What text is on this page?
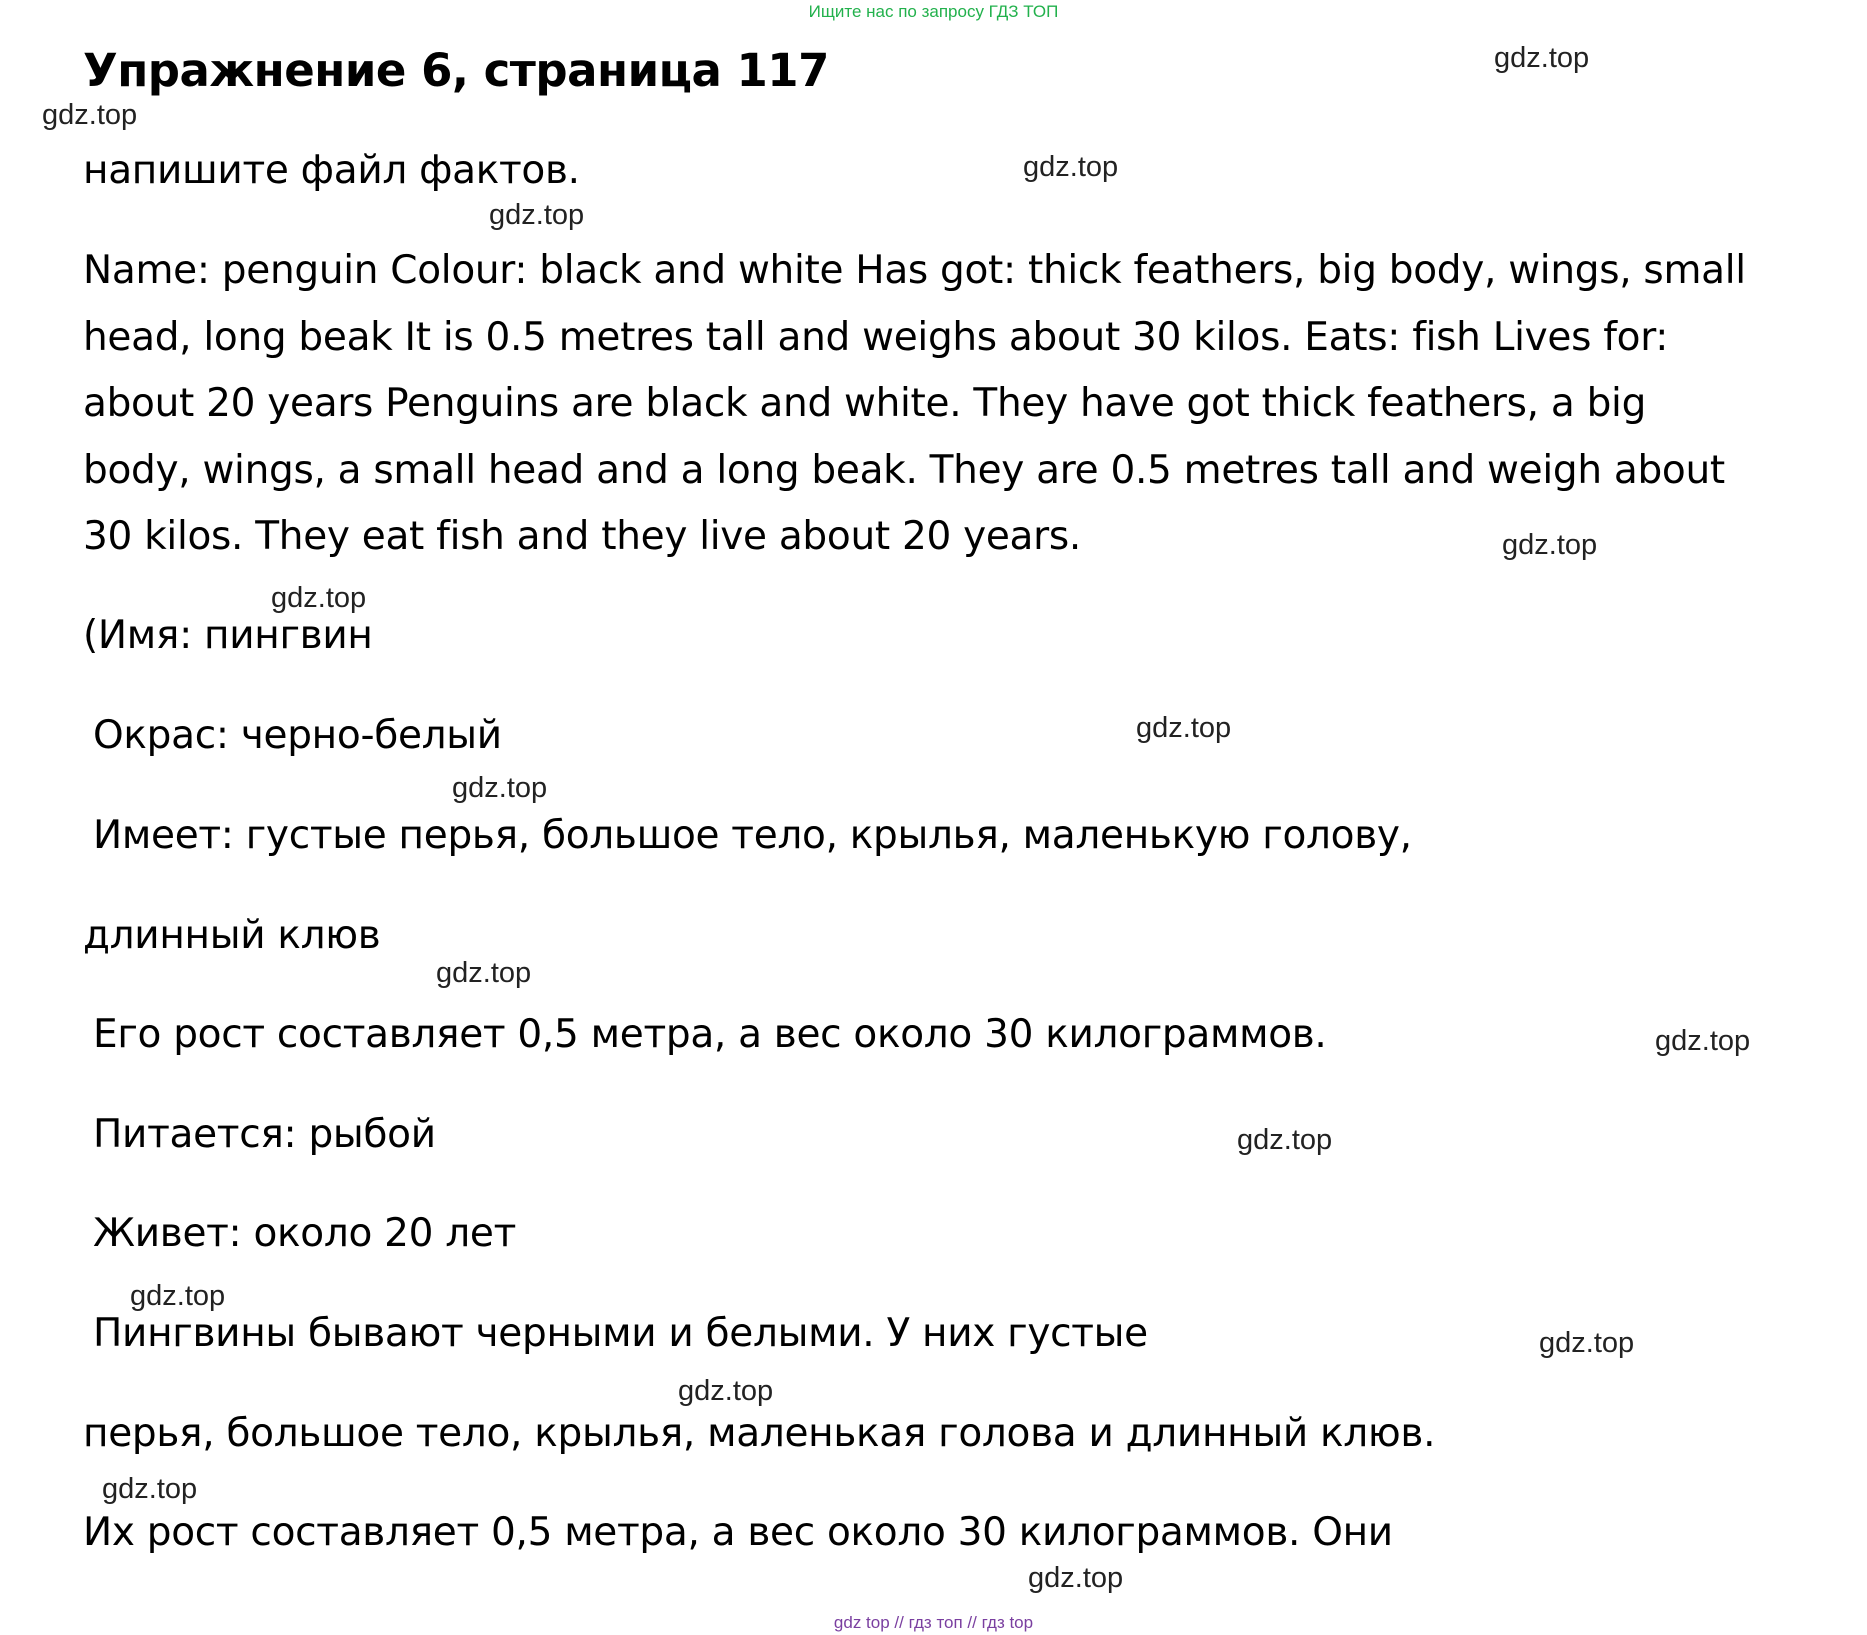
Ищите нас по запросу ГДЗ ТОП
Упражнение 6, страница 117
напишите файл фактов.
Name: penguin Colour: black and white Has got: thick feathers, big body, wings, small
head, long beak It is 0.5 metres tall and weighs about 30 kilos. Eats: fish Lives for:
about 20 years Penguins are black and white. They have got thick feathers, a big
body, wings, a small head and a long beak. They are 0.5 metres tall and weigh about
30 kilos. They eat fish and they live about 20 years.
(Имя: пингвин
Окрас: черно-белый
Имеет: густые перья, большое тело, крылья, маленькую голову,
длинный клюв
Его рост составляет 0,5 метра, а вес около 30 килограммов.
Питается: рыбой
Живет: около 20 лет
Пингвины бывают черными и белыми. У них густые
перья, большое тело, крылья, маленькая голова и длинный клюв.
Их рост составляет 0,5 метра, а вес около 30 килограммов. Они
gdz.top
gdz.top
gdz.top
gdz.top
gdz.top
gdz.top
gdz.top
gdz.top
gdz.top
gdz.top
gdz.top
gdz.top
gdz.top
gdz.top
gdz.top
gdz.top
gdz top // гдз топ // гдз top
